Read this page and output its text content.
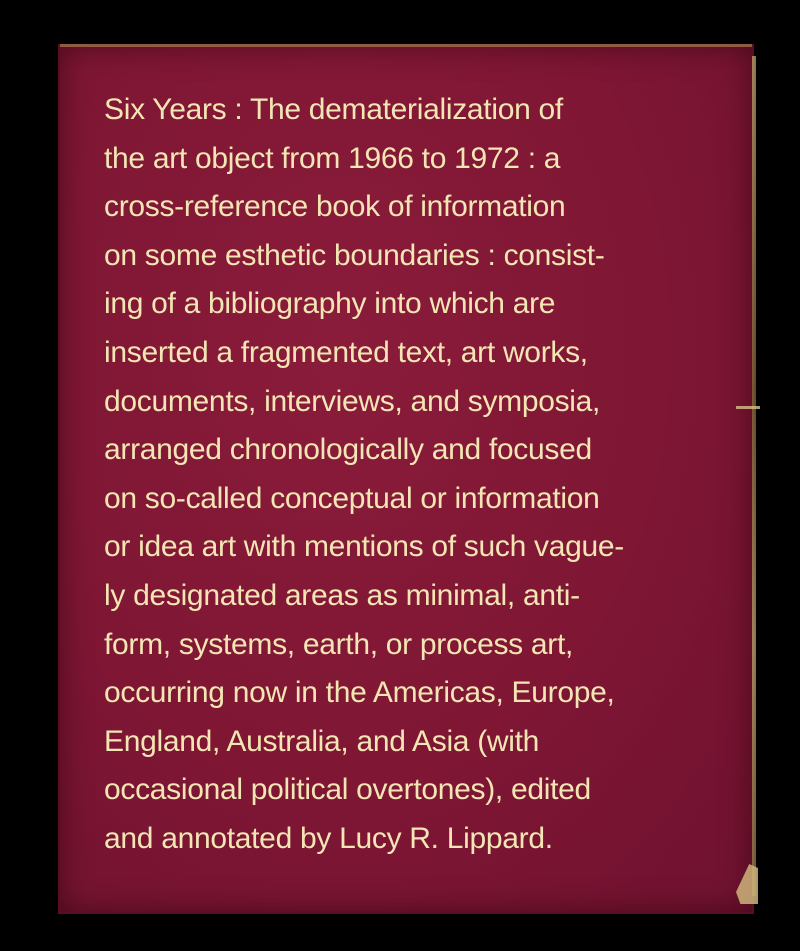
Six Years : The dematerialization of
the art object from 1966 to 1972 : a
cross-reference book of information
on some esthetic boundaries : consist-
ing of a bibliography into which are
inserted a fragmented text, art works,
documents, interviews, and symposia,
arranged chronologically and focused
on so-called conceptual or information
or idea art with mentions of such vague-
ly designated areas as minimal, anti-
form, systems, earth, or process art,
occurring now in the Americas, Europe,
England, Australia, and Asia (with
occasional political overtones), edited
and annotated by Lucy R. Lippard.
